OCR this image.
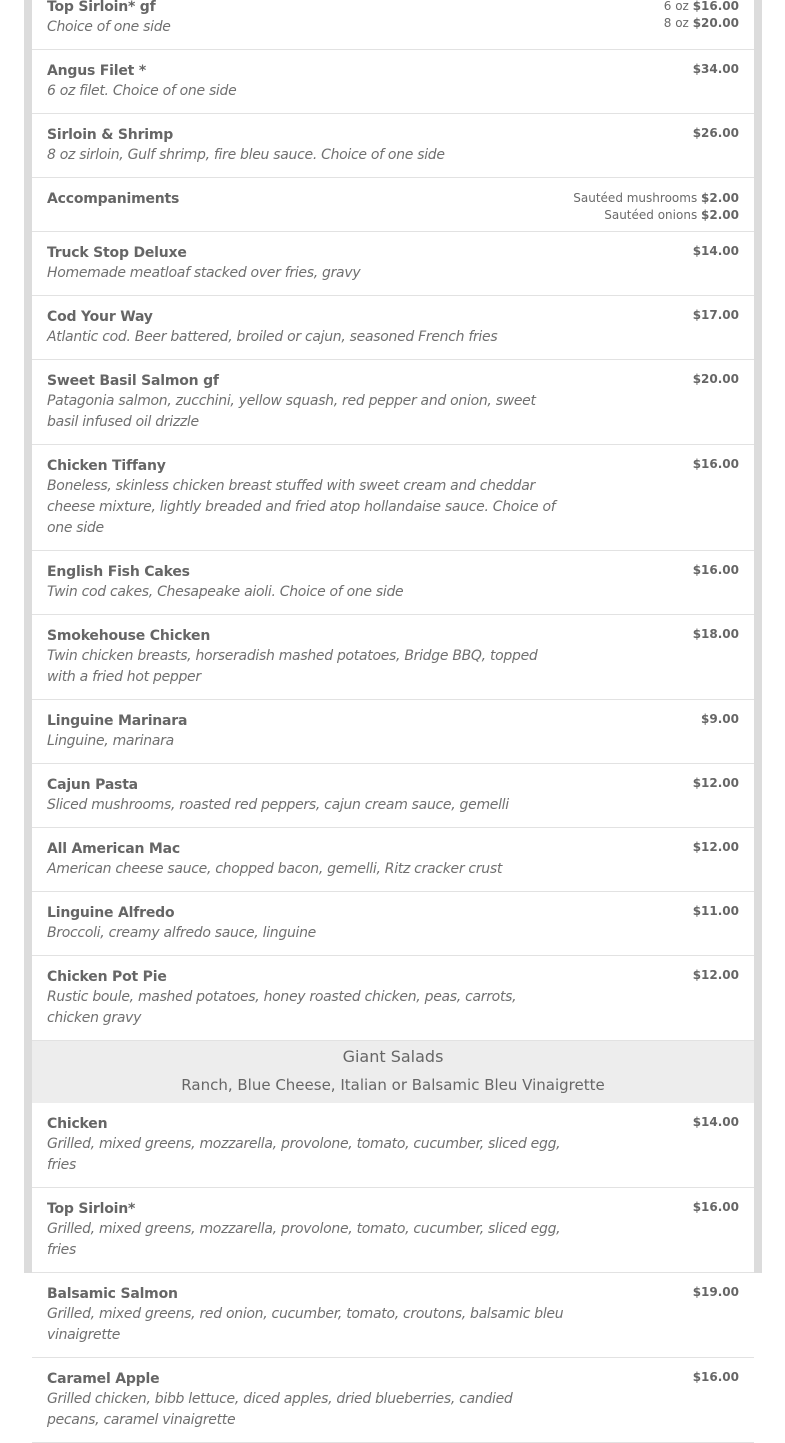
Top Sirloin* gf
Choice of one side
6 oz $16.00
8 oz $20.00
Angus Filet *
6 oz filet. Choice of one side
$34.00
Sirloin & Shrimp
8 oz sirloin, Gulf shrimp, fire bleu sauce. Choice of one side
$26.00
Accompaniments	Sautéed mushrooms $2.00
Sautéed onions $2.00
Truck Stop Deluxe
Homemade meatloaf stacked over fries, gravy
$14.00
Cod Your Way
Atlantic cod. Beer battered, broiled or cajun, seasoned French fries
$17.00
Sweet Basil Salmon gf
Patagonia salmon, zucchini, yellow squash, red pepper and onion, sweet basil infused oil drizzle
$20.00
Chicken Tiffany
Boneless, skinless chicken breast stuffed with sweet cream and cheddar cheese mixture, lightly breaded and fried atop hollandaise sauce. Choice of one side
$16.00
English Fish Cakes
Twin cod cakes, Chesapeake aioli. Choice of one side
$16.00
Smokehouse Chicken
Twin chicken breasts, horseradish mashed potatoes, Bridge BBQ, topped with a fried hot pepper
$18.00
Linguine Marinara
Linguine, marinara
$9.00
Cajun Pasta
Sliced mushrooms, roasted red peppers, cajun cream sauce, gemelli
$12.00
All American Mac
American cheese sauce, chopped bacon, gemelli, Ritz cracker crust
$12.00
Linguine Alfredo
Broccoli, creamy alfredo sauce, linguine
$11.00
Chicken Pot Pie
Rustic boule, mashed potatoes, honey roasted chicken, peas, carrots, chicken gravy
$12.00
Giant Salads
Ranch, Blue Cheese, Italian or Balsamic Bleu Vinaigrette
Chicken
Grilled, mixed greens, mozzarella, provolone, tomato, cucumber, sliced egg, fries
$14.00
Top Sirloin*
Grilled, mixed greens, mozzarella, provolone, tomato, cucumber, sliced egg, fries
$16.00
Balsamic Salmon
Grilled, mixed greens, red onion, cucumber, tomato, croutons, balsamic bleu vinaigrette
$19.00
Caramel Apple
Grilled chicken, bibb lettuce, diced apples, dried blueberries, candied pecans, caramel vinaigrette
$16.00
